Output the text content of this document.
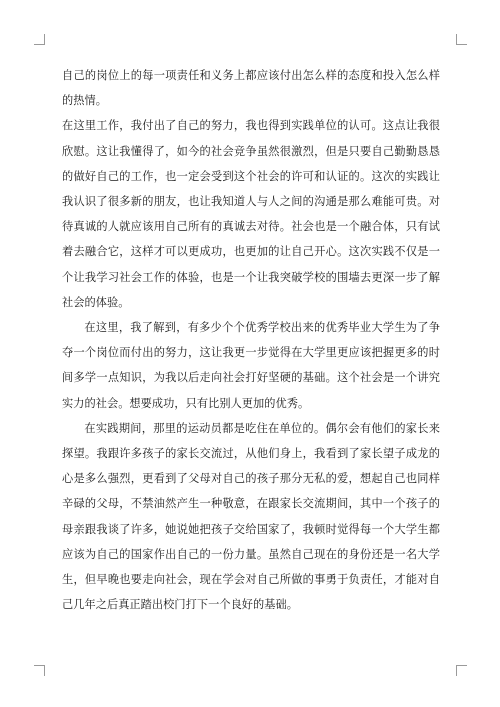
自己的岗位上的每一项责任和义务上都应该付出怎么样的态度和投入怎么样的热情。

在这里工作，我付出了自己的努力，我也得到实践单位的认可。这点让我很欣慰。这让我懂得了，如今的社会竞争虽然很激烈，但是只要自己勤勤恳恳的做好自己的工作，也一定会受到这个社会的许可和认证的。这次的实践让我认识了很多新的朋友，也让我知道人与人之间的沟通是那么难能可贵。对待真诚的人就应该用自己所有的真诚去对待。社会也是一个融合体，只有试着去融合它，这样才可以更成功，也更加的让自己开心。这次实践不仅是一个让我学习社会工作的体验，也是一个让我突破学校的围墙去更深一步了解社会的体验。

在这里，我了解到，有多少个个优秀学校出来的优秀毕业大学生为了争夺一个岗位而付出的努力，这让我更一步觉得在大学里更应该把握更多的时间多学一点知识，为我以后走向社会打好坚硬的基础。这个社会是一个讲究实力的社会。想要成功，只有比别人更加的优秀。

在实践期间，那里的运动员都是吃住在单位的。偶尔会有他们的家长来探望。我跟许多孩子的家长交流过，从他们身上，我看到了家长望子成龙的心是多么强烈，更看到了父母对自己的孩子那分无私的爱，想起自己也同样辛碌的父母，不禁油然产生一种敬意，在跟家长交流期间，其中一个孩子的母亲跟我谈了许多，她说她把孩子交给国家了，我顿时觉得每一个大学生都应该为自己的国家作出自己的一份力量。虽然自己现在的身份还是一名大学生，但早晚也要走向社会，现在学会对自己所做的事勇于负责任，才能对自己几年之后真正踏出校门打下一个良好的基础。
